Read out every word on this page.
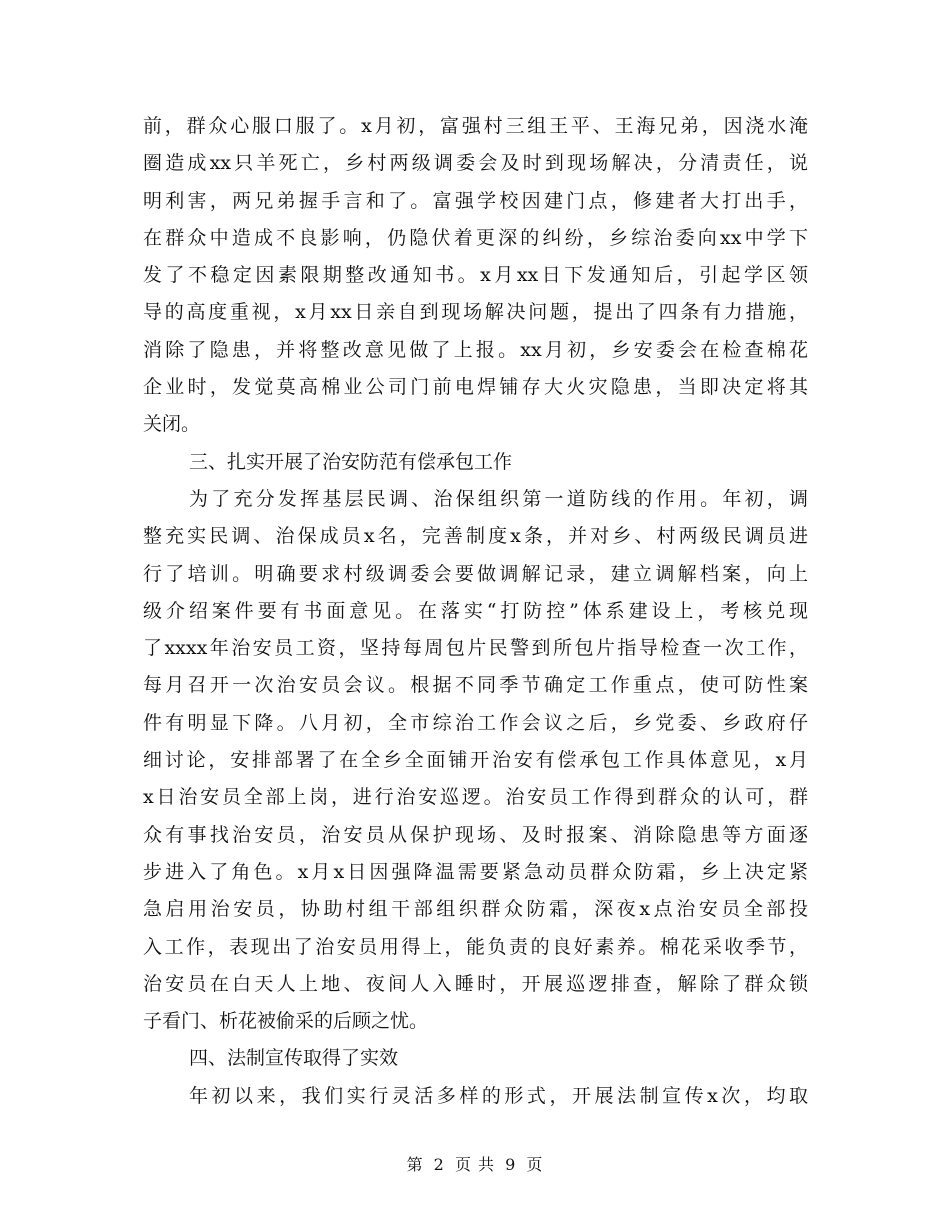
前，群众心服口服了。x月初，富强村三组王平、王海兄弟，因浇水淹
圈造成xx只羊死亡，乡村两级调委会及时到现场解决，分清责任，说
明利害，两兄弟握手言和了。富强学校因建门点，修建者大打出手，
在群众中造成不良影响，仍隐伏着更深的纠纷，乡综治委向xx中学下
发了不稳定因素限期整改通知书。x月xx日下发通知后，引起学区领
导的高度重视，x月xx日亲自到现场解决问题，提出了四条有力措施，
消除了隐患，并将整改意见做了上报。xx月初，乡安委会在检查棉花
企业时，发觉莫高棉业公司门前电焊铺存大火灾隐患，当即决定将其
关闭。
三、扎实开展了治安防范有偿承包工作
为了充分发挥基层民调、治保组织第一道防线的作用。年初，调
整充实民调、治保成员x名，完善制度x条，并对乡、村两级民调员进
行了培训。明确要求村级调委会要做调解记录，建立调解档案，向上
级介绍案件要有书面意见。在落实“打防控”体系建设上，考核兑现
了xxxx年治安员工资，坚持每周包片民警到所包片指导检查一次工作，
每月召开一次治安员会议。根据不同季节确定工作重点，使可防性案
件有明显下降。八月初，全市综治工作会议之后，乡党委、乡政府仔
细讨论，安排部署了在全乡全面铺开治安有偿承包工作具体意见，x月
x日治安员全部上岗，进行治安巡逻。治安员工作得到群众的认可，群
众有事找治安员，治安员从保护现场、及时报案、消除隐患等方面逐
步进入了角色。x月x日因强降温需要紧急动员群众防霜，乡上决定紧
急启用治安员，协助村组干部组织群众防霜，深夜x点治安员全部投
入工作，表现出了治安员用得上，能负责的良好素养。棉花采收季节，
治安员在白天人上地、夜间人入睡时，开展巡逻排查，解除了群众锁
子看门、析花被偷采的后顾之忧。
四、法制宣传取得了实效
年初以来，我们实行灵活多样的形式，开展法制宣传x次，均取
第 2 页 共 9 页
